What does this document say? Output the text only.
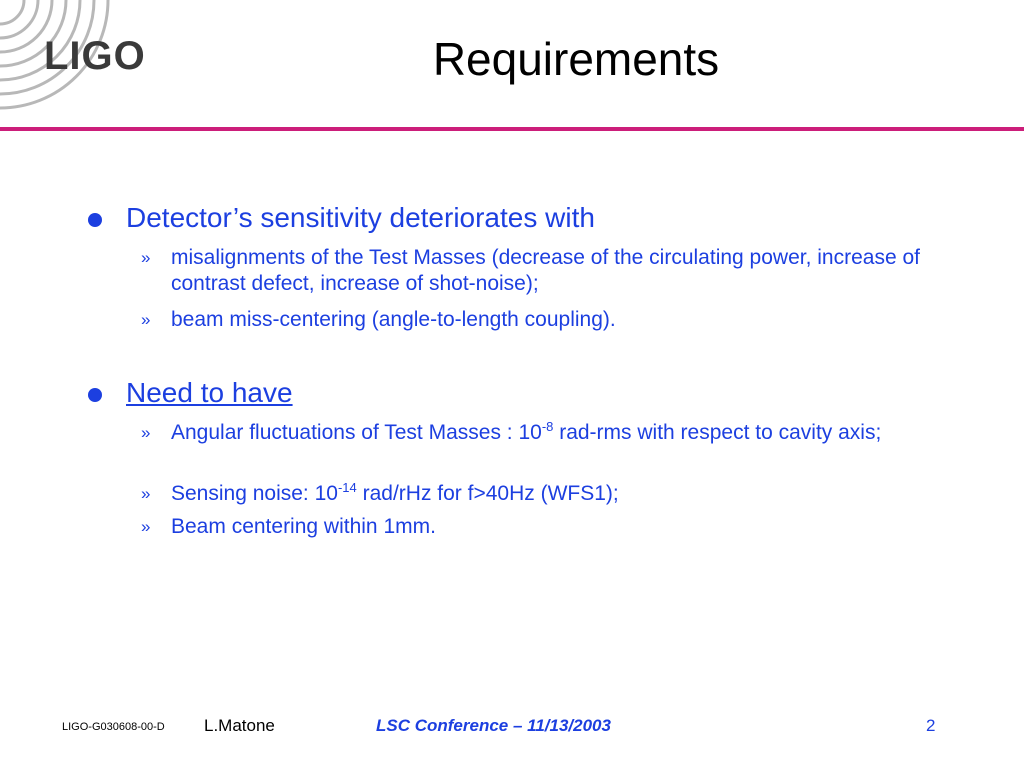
LIGO	Requirements
Detector’s sensitivity deteriorates with
» misalignments of the Test Masses (decrease of the circulating power, increase of contrast defect, increase of shot-noise);
» beam miss-centering (angle-to-length coupling).
Need to have
» Angular fluctuations of Test Masses : $10^{-8}$ rad-rms with respect to cavity axis;
» Sensing noise: $10^{-14}$ rad/rHz for f>40Hz (WFS1);
» Beam centering within 1mm.
LIGO-G030608-00-D L.Matone	LSC Conference – 11/13/2003	2
